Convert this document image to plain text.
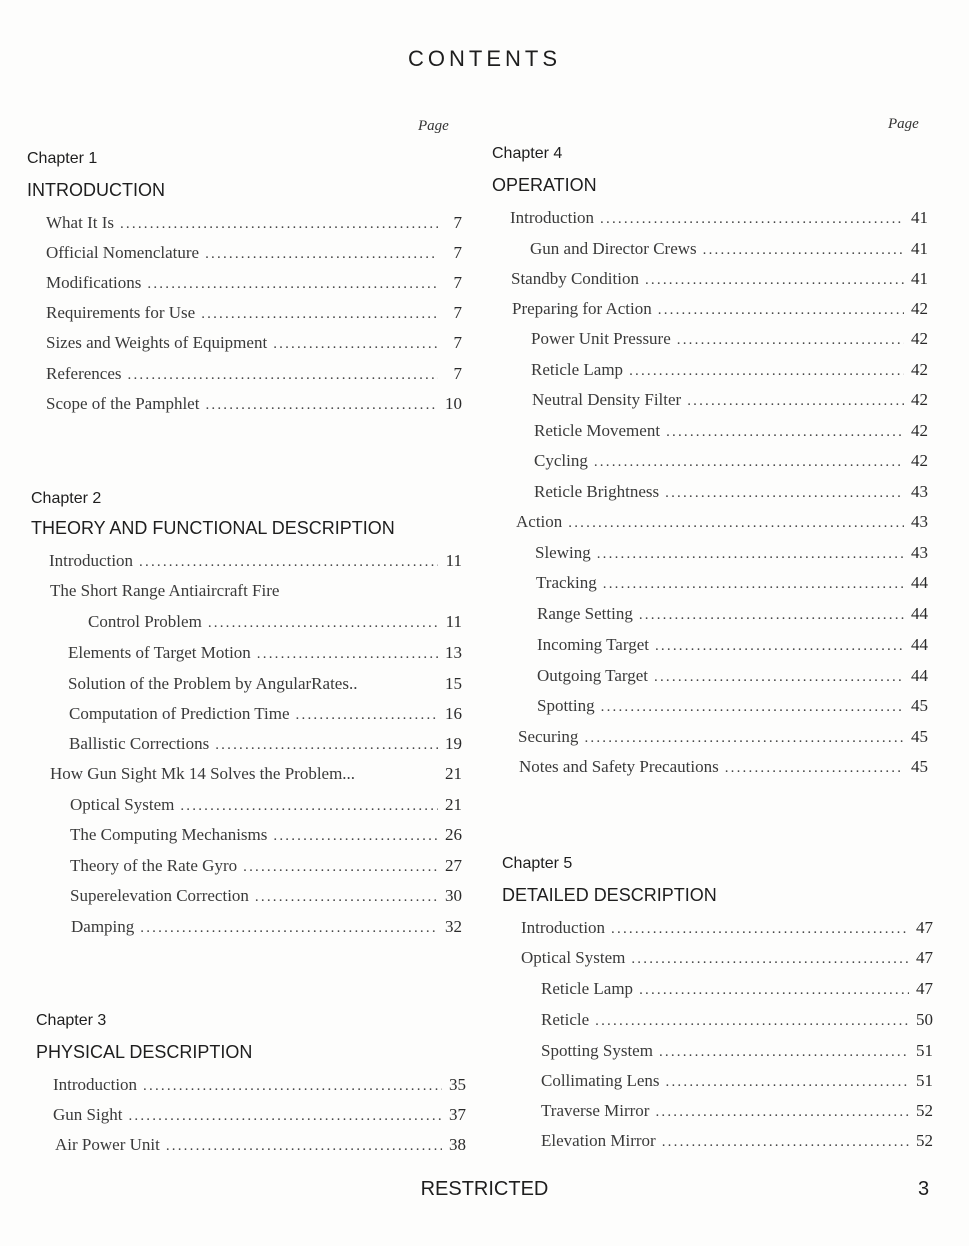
CONTENTS
Page	Page
Chapter 1
INTRODUCTION
What It Is .....	7
Official Nomenclature .....	7
Modifications .....	7
Requirements for Use .....	7
Sizes and Weights of Equipment .....	7
References .....	7
Scope of the Pamphlet .....	10
Chapter 2
THEORY AND FUNCTIONAL DESCRIPTION
Introduction .....	11
The Short Range Antiaircraft Fire
Control Problem .....	11
Elements of Target Motion .....	13
Solution of the Problem by AngularRates..	15
Computation of Prediction Time .....	16
Ballistic Corrections .....	19
How Gun Sight Mk 14 Solves the Problem...	21
Optical System .....	21
The Computing Mechanisms .....	26
Theory of the Rate Gyro .....	27
Superelevation Correction .....	30
Damping .....	32
Chapter 3
PHYSICAL DESCRIPTION
Introduction .....	35
Gun Sight .....	37
Air Power Unit .....	38
Chapter 4
OPERATION
Introduction .....	41
Gun and Director Crews .....	41
Standby Condition .....	41
Preparing for Action .....	42
Power Unit Pressure .....	42
Reticle Lamp .....	42
Neutral Density Filter .....	42
Reticle Movement .....	42
Cycling .....	42
Reticle Brightness .....	43
Action .....	43
Slewing .....	43
Tracking .....	44
Range Setting .....	44
Incoming Target .....	44
Outgoing Target .....	44
Spotting .....	45
Securing .....	45
Notes and Safety Precautions .....	45
Chapter 5
DETAILED DESCRIPTION
Introduction .....	47
Optical System .....	47
Reticle Lamp .....	47
Reticle .....	50
Spotting System .....	51
Collimating Lens .....	51
Traverse Mirror .....	52
Elevation Mirror .....	52
RESTRICTED	3
